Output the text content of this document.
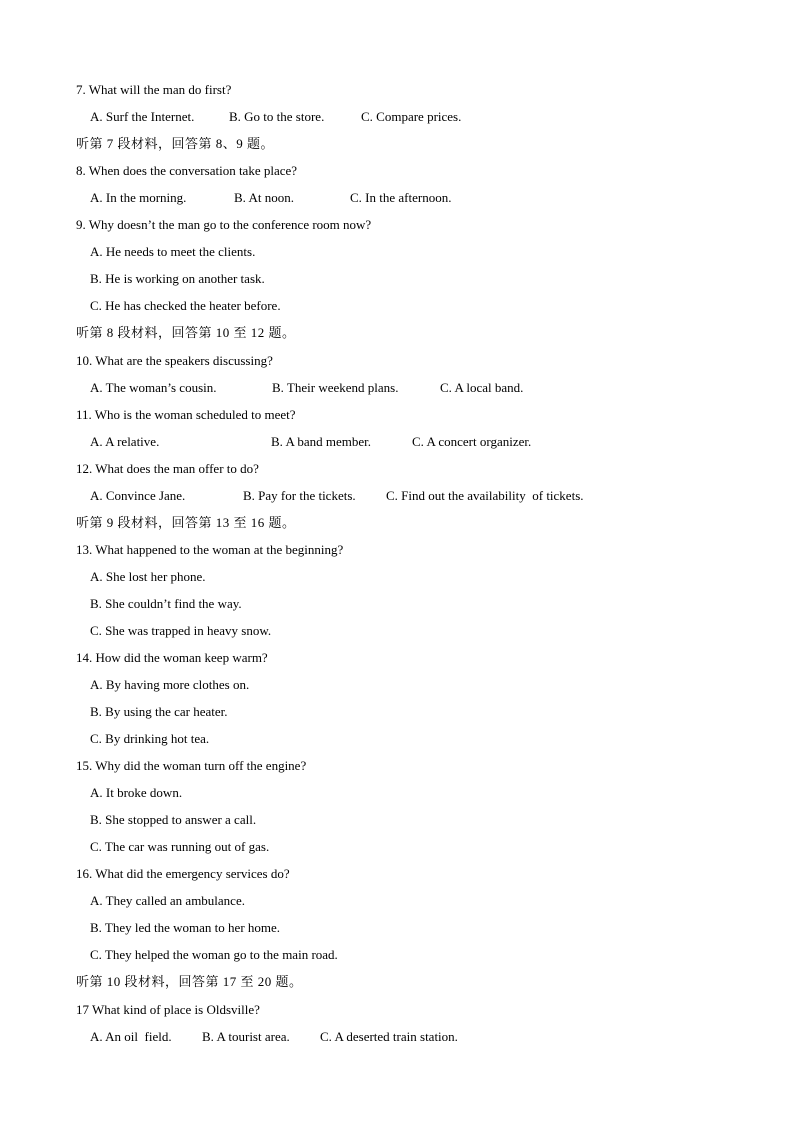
7. What will the man do first?

A. Surf the Internet.

	B. Go to the store.

	C. Compare prices.

听第 7 段材料，回答第 8、9 题。
8. When does the conversation take place?

A. In the morning.

	B. At noon.

	C. In the afternoon.

9. Why doesn’t the man go to the conference room now?
A. He needs to meet the clients.
B. He is working on another task.
C. He has checked the heater before.
听第 8 段材料，回答第 10 至 12 题。
10. What are the speakers discussing?

A. The woman’s cousin.

	B. Their weekend plans.

	C. A local band.

11. Who is the woman scheduled to meet?

A. A relative.

	B. A band member.

	C. A concert organizer.

12. What does the man offer to do?

A. Convince Jane.

	B. Pay for the tickets.

C. Find out the availability  of tickets.

听第 9 段材料，回答第 13 至 16 题。
13. What happened to the woman at the beginning?
A. She lost her phone.
B. She couldn’t find the way.
C. She was trapped in heavy snow.
14. How did the woman keep warm?
A. By having more clothes on.
B. By using the car heater.
C. By drinking hot tea.
15. Why did the woman turn off the engine?
A. It broke down.
B. She stopped to answer a call.
C. The car was running out of gas.
16. What did the emergency services do?
A. They called an ambulance.
B. They led the woman to her home.
C. They helped the woman go to the main road.
听第 10 段材料，回答第 17 至 20 题。
17 What kind of place is Oldsville?

A. An oil  field.

B. A tourist area.

C. A deserted train station.
